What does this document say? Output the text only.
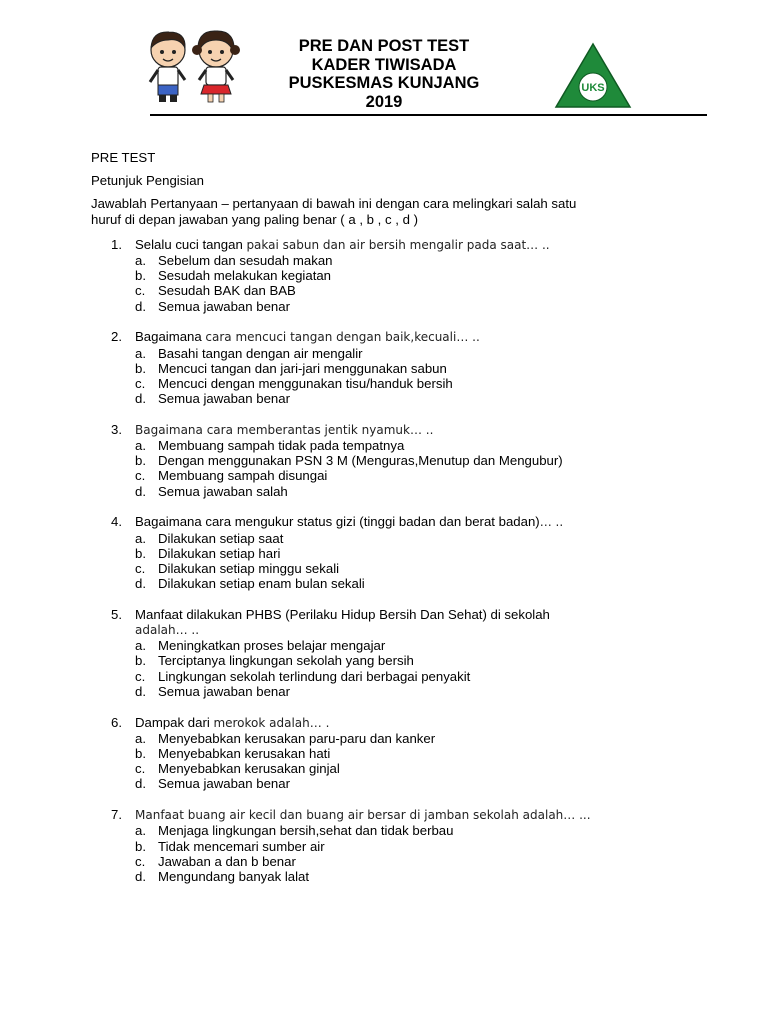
PRE DAN POST TEST
KADER TIWISADA
PUSKESMAS KUNJANG
2019
UKS
PRE TEST
Petunjuk Pengisian
Jawablah Pertanyaan – pertanyaan di bawah ini dengan cara melingkari salah satu
huruf di depan jawaban yang paling benar ( a , b , c , d )
1. Selalu cuci tangan pakai sabun dan air bersih mengalir pada saat… ..
a. Sebelum dan sesudah makan
b. Sesudah melakukan kegiatan
c. Sesudah BAK dan BAB
d. Semua jawaban benar
2. Bagaimana cara mencuci tangan dengan baik,kecuali… ..
a. Basahi tangan dengan air mengalir
b. Mencuci tangan dan jari-jari menggunakan sabun
c. Mencuci dengan menggunakan tisu/handuk bersih
d. Semua jawaban benar
3. Bagaimana cara memberantas jentik nyamuk… ..
a. Membuang sampah tidak pada tempatnya
b. Dengan menggunakan PSN 3 M (Menguras,Menutup dan Mengubur)
c. Membuang sampah disungai
d. Semua jawaban salah
4. Bagaimana cara mengukur status gizi (tinggi badan dan berat badan)… ..
a. Dilakukan setiap saat
b. Dilakukan setiap hari
c. Dilakukan setiap minggu sekali
d. Dilakukan setiap enam bulan sekali
5. Manfaat dilakukan PHBS (Perilaku Hidup Bersih Dan Sehat) di sekolah
adalah… ..
a. Meningkatkan proses belajar mengajar
b. Terciptanya lingkungan sekolah yang bersih
c. Lingkungan sekolah terlindung dari berbagai penyakit
d. Semua jawaban benar
6. Dampak dari merokok adalah… .
a. Menyebabkan kerusakan paru-paru dan kanker
b. Menyebabkan kerusakan hati
c. Menyebabkan kerusakan ginjal
d. Semua jawaban benar
7. Manfaat buang air kecil dan buang air bersar di jamban sekolah adalah… ...
a. Menjaga lingkungan bersih,sehat dan tidak berbau
b. Tidak mencemari sumber air
c. Jawaban a dan b benar
d. Mengundang banyak lalat
